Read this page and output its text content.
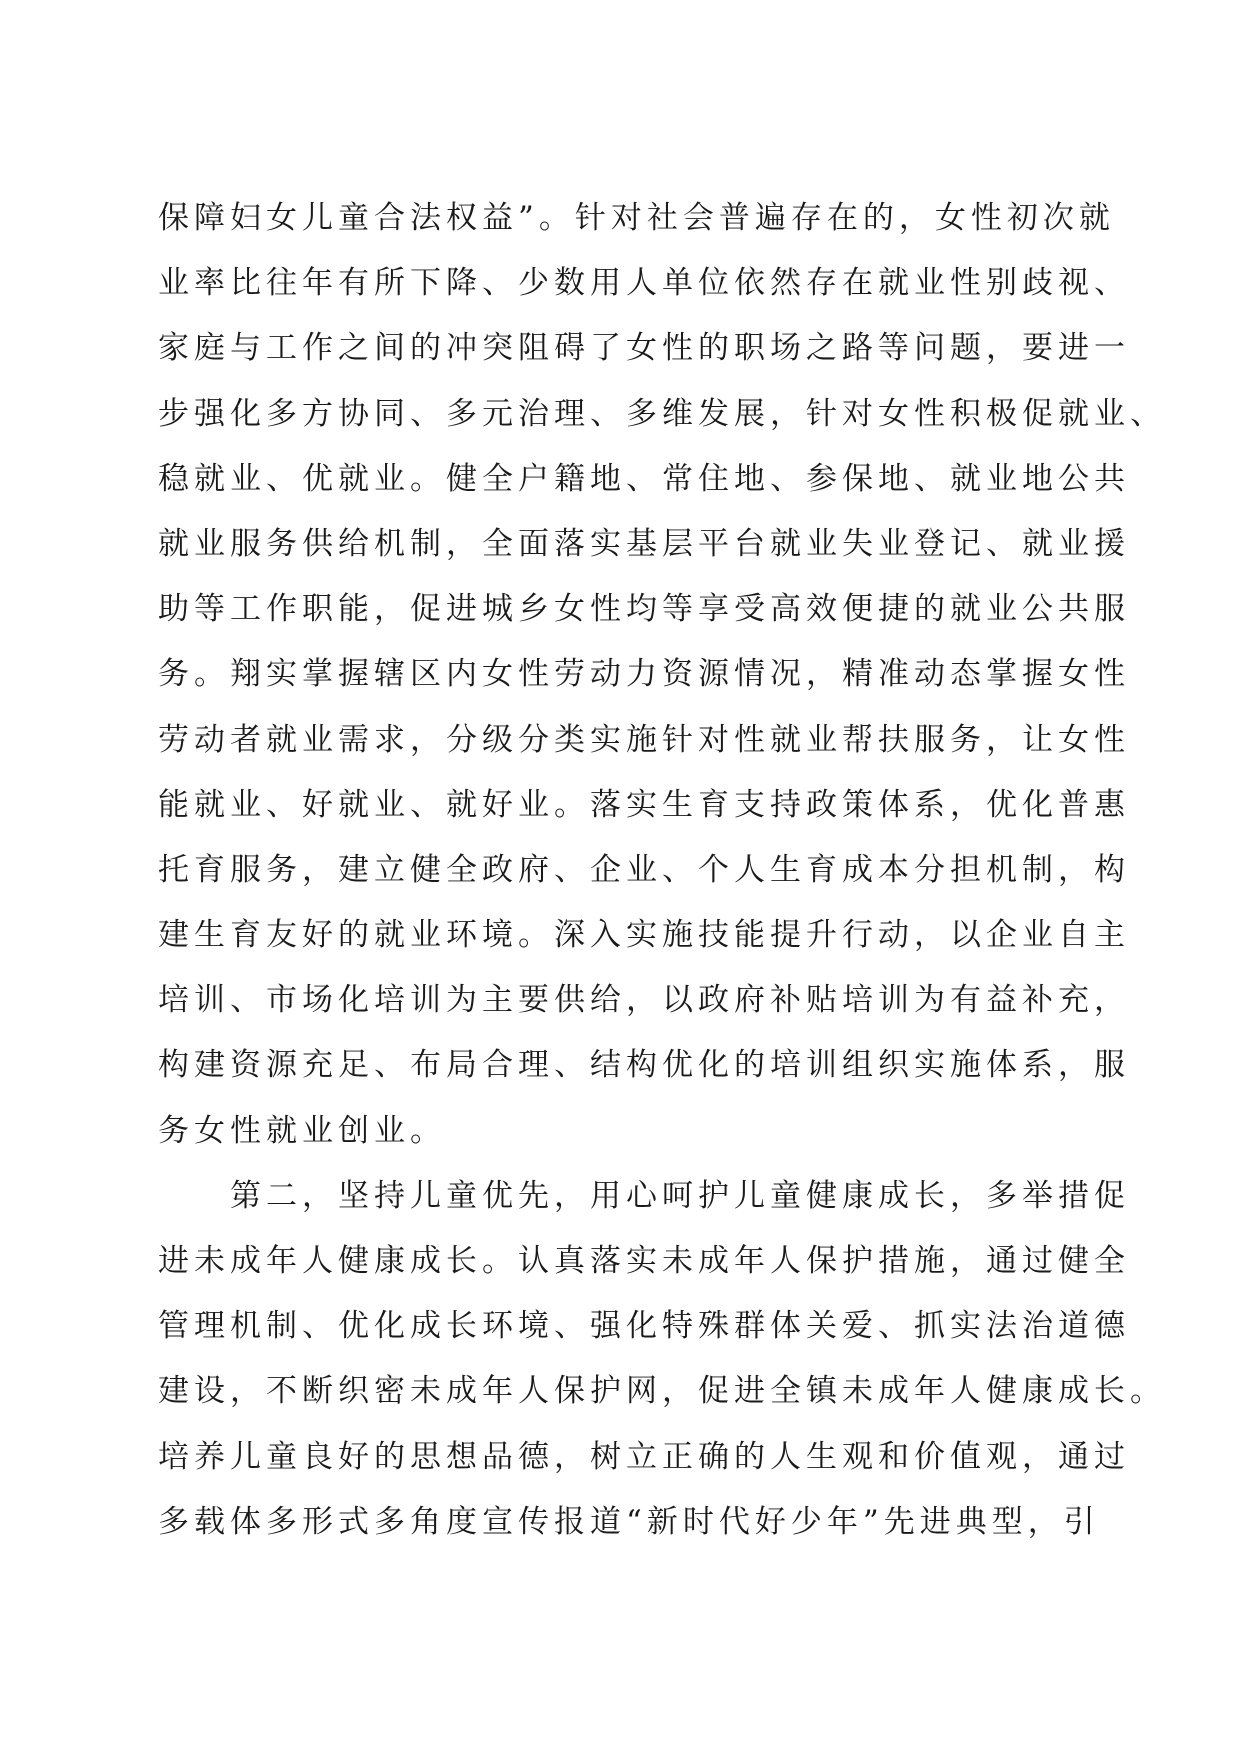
保障妇女儿童合法权益”。针对社会普遍存在的，女性初次就
业率比往年有所下降、少数用人单位依然存在就业性别歧视、
家庭与工作之间的冲突阻碍了女性的职场之路等问题，要进一
步强化多方协同、多元治理、多维发展，针对女性积极促就业、
稳就业、优就业。健全户籍地、常住地、参保地、就业地公共
就业服务供给机制，全面落实基层平台就业失业登记、就业援
助等工作职能，促进城乡女性均等享受高效便捷的就业公共服
务。翔实掌握辖区内女性劳动力资源情况，精准动态掌握女性
劳动者就业需求，分级分类实施针对性就业帮扶服务，让女性
能就业、好就业、就好业。落实生育支持政策体系，优化普惠
托育服务，建立健全政府、企业、个人生育成本分担机制，构
建生育友好的就业环境。深入实施技能提升行动，以企业自主
培训、市场化培训为主要供给，以政府补贴培训为有益补充，
构建资源充足、布局合理、结构优化的培训组织实施体系，服
务女性就业创业。
第二，坚持儿童优先，用心呵护儿童健康成长，多举措促
进未成年人健康成长。认真落实未成年人保护措施，通过健全
管理机制、优化成长环境、强化特殊群体关爱、抓实法治道德
建设，不断织密未成年人保护网，促进全镇未成年人健康成长。
培养儿童良好的思想品德，树立正确的人生观和价值观，通过
多载体多形式多角度宣传报道“新时代好少年”先进典型，引
